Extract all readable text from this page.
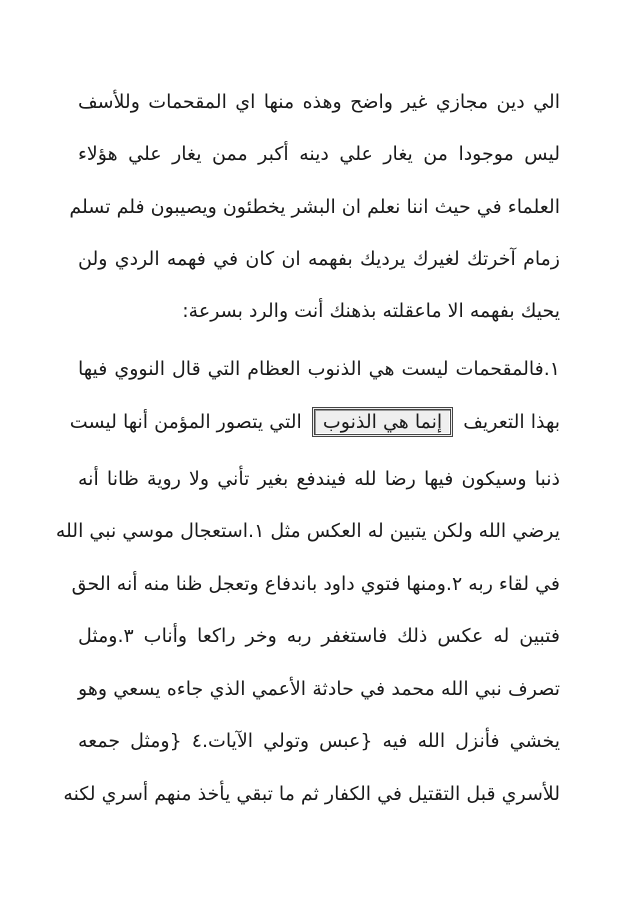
الي دين مجازي غير واضح وهذه منها اي المقحمات وللأسف
ليس موجودا من يغار علي دينه أكبر ممن يغار علي هؤلاء
العلماء في حيث اننا نعلم ان البشر يخطئون ويصيبون فلم تسلم
زمام آخرتك لغيرك يرديك بفهمه ان كان في فهمه الردي ولن
يحيك بفهمه الا ماعقلته بذهنك أنت والرد بسرعة:
١.فالمقحمات ليست هي الذنوب العظام التي قال النووي فيها
بهذا التعريف إنما هي الذنوب التي يتصور المؤمن أنها ليست
ذنبا وسيكون فيها رضا لله فيندفع بغير تأني ولا روية ظانا أنه
يرضي الله ولكن يتبين له العكس مثل ١.استعجال موسي نبي الله
في لقاء ربه ٢.ومنها فتوي داود باندفاع وتعجل ظنا منه أنه الحق
فتبين له عكس ذلك فاستغفر ربه وخر راكعا وأناب ٣.ومثل
تصرف نبي الله محمد في حادثة الأعمي الذي جاءه يسعي وهو
يخشي فأنزل الله فيه {عبس وتولي الآيات.٤ {ومثل جمعه
للأسري قبل التقتيل في الكفار ثم ما تبقي يأخذ منهم أسري لكنه
